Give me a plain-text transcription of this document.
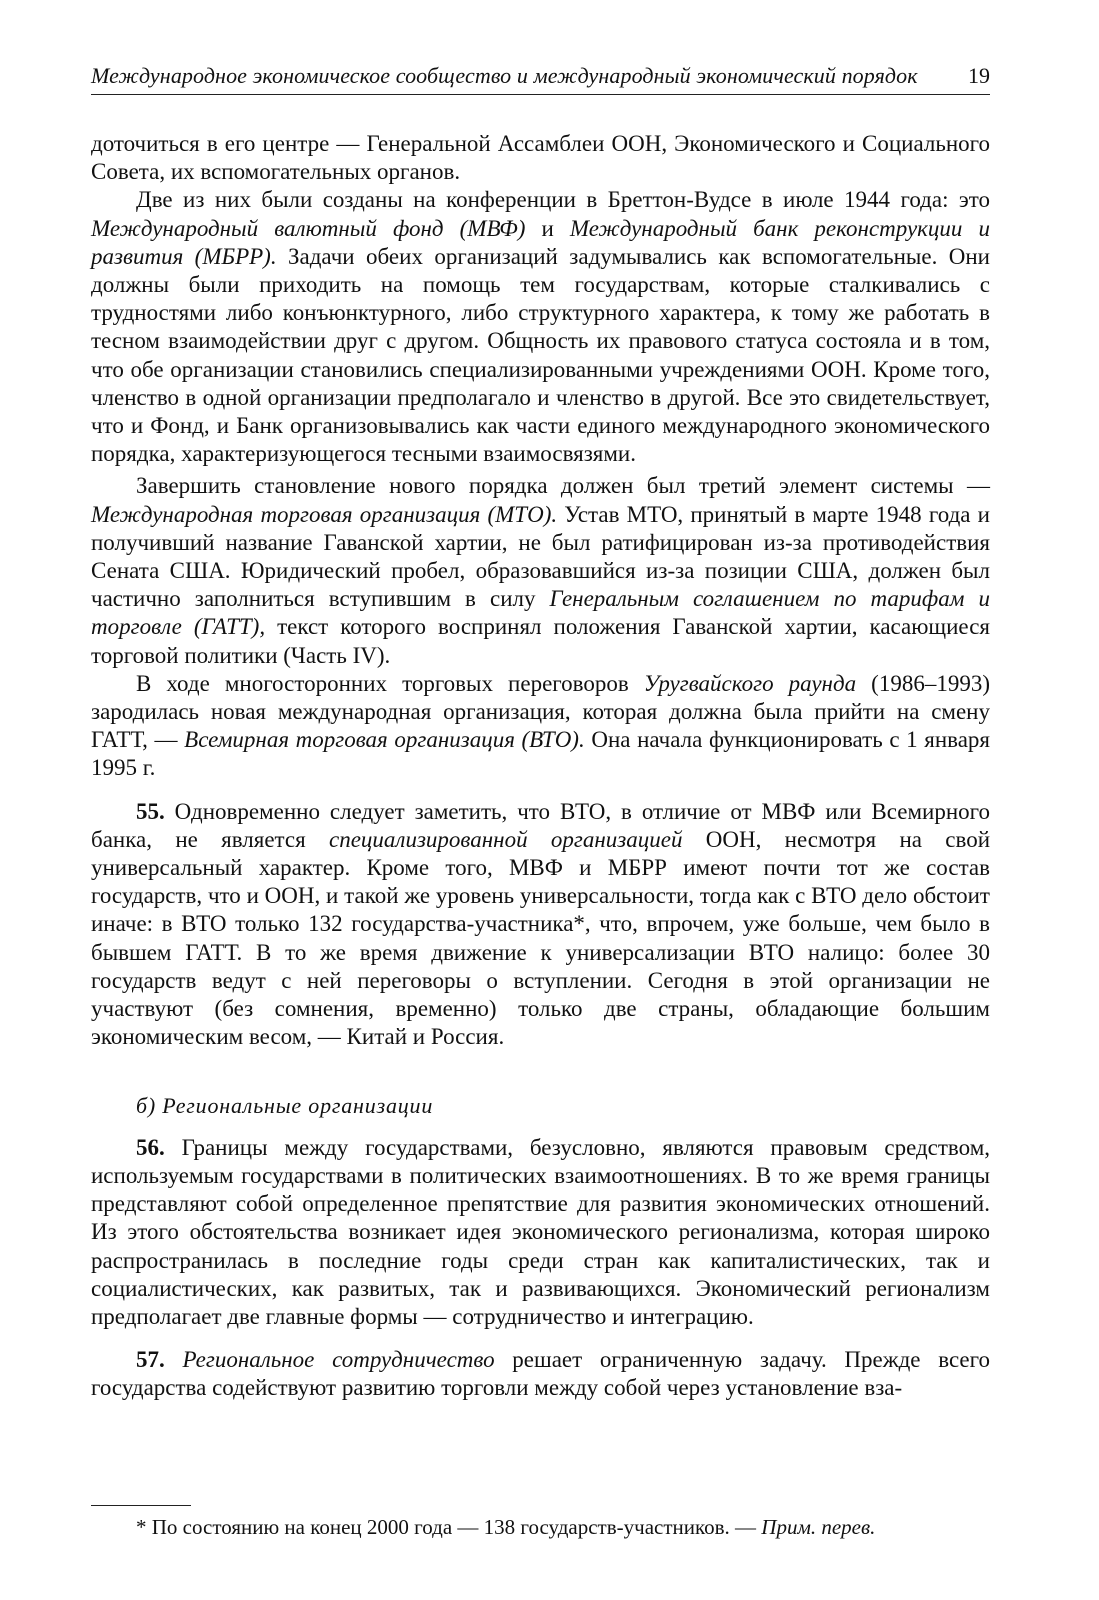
Международное экономическое сообщество и международный экономический порядок 19

доточиться в его центре — Генеральной Ассамблеи ООН, Экономического и Социального Совета, их вспомогательных органов.

Две из них были созданы на конференции в Бреттон-Вудсе в июле 1944 года: это Международный валютный фонд (МВФ) и Международный банк реконструкции и развития (МБРР). Задачи обеих организаций задумывались как вспомогательные. Они должны были приходить на помощь тем государствам, которые сталкивались с трудностями либо конъюнктурного, либо структурного характера, к тому же работать в тесном взаимодействии друг с другом. Общность их правового статуса состояла и в том, что обе организации становились специализированными учреждениями ООН. Кроме того, членство в одной организации предполагало и членство в другой. Все это свидетельствует, что и Фонд, и Банк организовывались как части единого международного экономического порядка, характеризующегося тесными взаимосвязями.

Завершить становление нового порядка должен был третий элемент системы — Международная торговая организация (МТО). Устав МТО, принятый в марте 1948 года и получивший название Гаванской хартии, не был ратифицирован из-за противодействия Сената США. Юридический пробел, образовавшийся из-за позиции США, должен был частично заполниться вступившим в силу Генеральным соглашением по тарифам и торговле (ГАТТ), текст которого воспринял положения Гаванской хартии, касающиеся торговой политики (Часть IV).

В ходе многосторонних торговых переговоров Уругвайского раунда (1986–1993) зародилась новая международная организация, которая должна была прийти на смену ГАТТ, — Всемирная торговая организация (ВТО). Она начала функционировать с 1 января 1995 г.

55. Одновременно следует заметить, что ВТО, в отличие от МВФ или Всемирного банка, не является специализированной организацией ООН, несмотря на свой универсальный характер. Кроме того, МВФ и МБРР имеют почти тот же состав государств, что и ООН, и такой же уровень универсальности, тогда как с ВТО дело обстоит иначе: в ВТО только 132 государства-участника*, что, впрочем, уже больше, чем было в бывшем ГАТТ. В то же время движение к универсализации ВТО налицо: более 30 государств ведут с ней переговоры о вступлении. Сегодня в этой организации не участвуют (без сомнения, временно) только две страны, обладающие большим экономическим весом, — Китай и Россия.

б) Региональные организации

56. Границы между государствами, безусловно, являются правовым средством, используемым государствами в политических взаимоотношениях. В то же время границы представляют собой определенное препятствие для развития экономических отношений. Из этого обстоятельства возникает идея экономического регионализма, которая широко распространилась в последние годы среди стран как капиталистических, так и социалистических, как развитых, так и развивающихся. Экономический регионализм предполагает две главные формы — сотрудничество и интеграцию.

57. Региональное сотрудничество решает ограниченную задачу. Прежде всего государства содействуют развитию торговли между собой через установление вза-

* По состоянию на конец 2000 года — 138 государств-участников. — Прим. перев.
